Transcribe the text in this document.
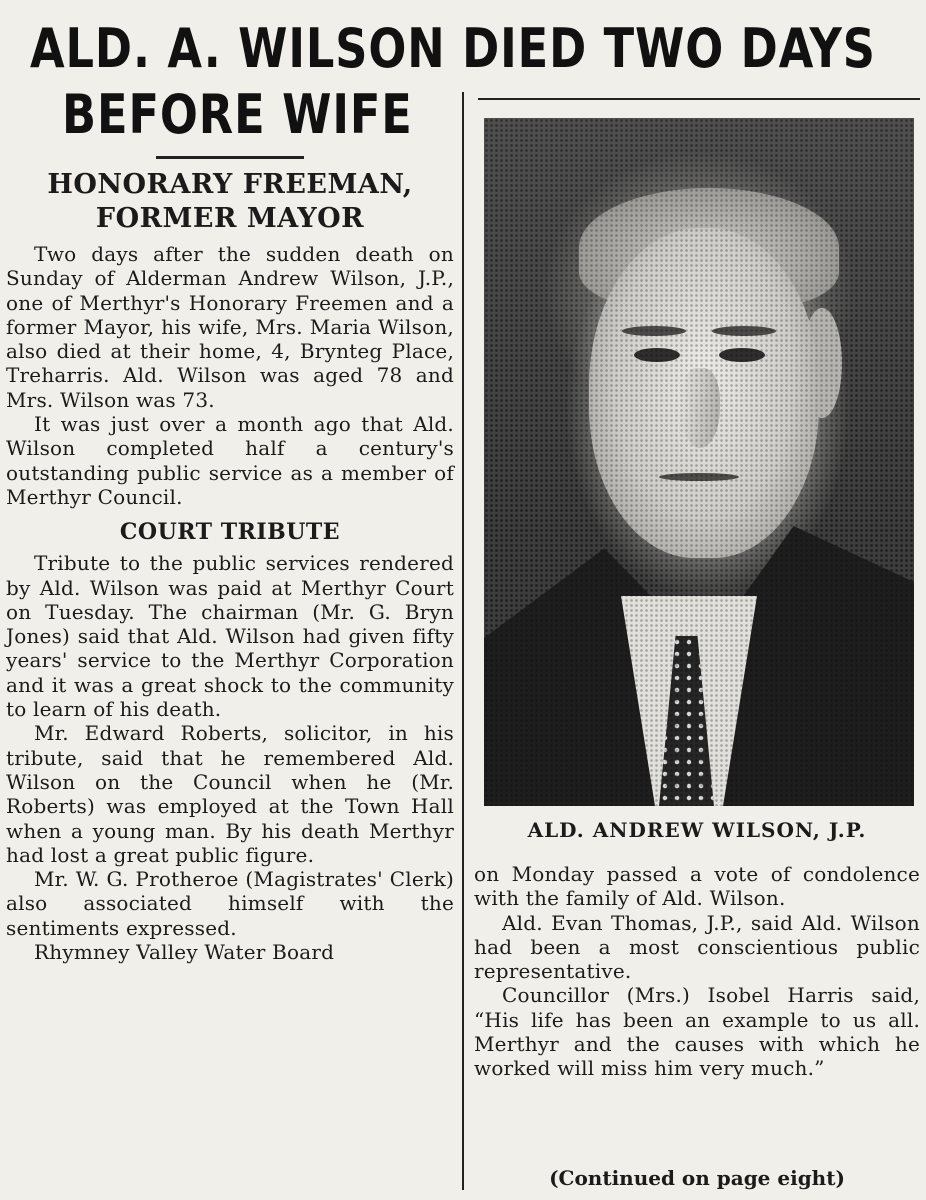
ALD. A. WILSON DIED TWO DAYS
BEFORE WIFE
HONORARY FREEMAN,
FORMER MAYOR

Two days after the sudden death on Sunday of Alderman Andrew Wilson, J.P., one of Merthyr's Honorary Freemen and a former Mayor, his wife, Mrs. Maria Wilson, also died at their home, 4, Brynteg Place, Treharris. Ald. Wilson was aged 78 and Mrs. Wilson was 73.

It was just over a month ago that Ald. Wilson completed half a century's outstanding public service as a member of Merthyr Council.

COURT TRIBUTE

Tribute to the public services rendered by Ald. Wilson was paid at Merthyr Court on Tuesday. The chairman (Mr. G. Bryn Jones) said that Ald. Wilson had given fifty years' service to the Merthyr Corporation and it was a great shock to the community to learn of his death.

Mr. Edward Roberts, solicitor, in his tribute, said that he remembered Ald. Wilson on the Council when he (Mr. Roberts) was employed at the Town Hall when a young man. By his death Merthyr had lost a great public figure.

Mr. W. G. Protheroe (Magistrates' Clerk) also associated himself with the sentiments expressed.

Rhymney Valley Water Board

ALD. ANDREW WILSON, J.P.

on Monday passed a vote of condolence with the family of Ald. Wilson.

Ald. Evan Thomas, J.P., said Ald. Wilson had been a most conscientious public representative.

Councillor (Mrs.) Isobel Harris said, “His life has been an example to us all. Merthyr and the causes with which he worked will miss him very much.”

(Continued on page eight)
